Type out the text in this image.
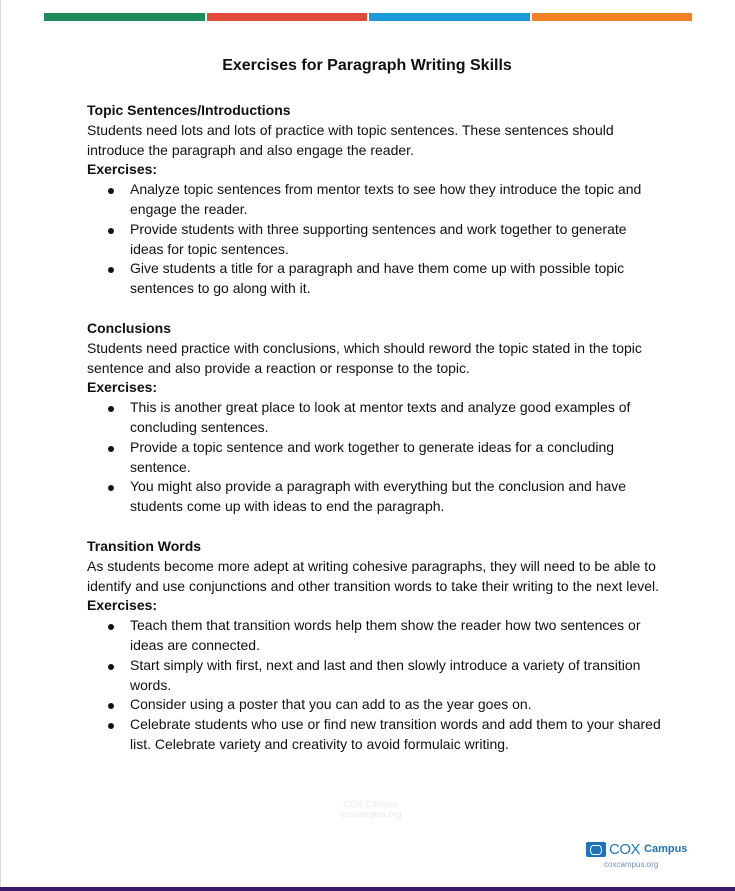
Exercises for Paragraph Writing Skills
Topic Sentences/Introductions
Students need lots and lots of practice with topic sentences. These sentences should introduce the paragraph and also engage the reader.
Exercises:
Analyze topic sentences from mentor texts to see how they introduce the topic and engage the reader.
Provide students with three supporting sentences and work together to generate ideas for topic sentences.
Give students a title for a paragraph and have them come up with possible topic sentences to go along with it.
Conclusions
Students need practice with conclusions, which should reword the topic stated in the topic sentence and also provide a reaction or response to the topic.
Exercises:
This is another great place to look at mentor texts and analyze good examples of concluding sentences.
Provide a topic sentence and work together to generate ideas for a concluding sentence.
You might also provide a paragraph with everything but the conclusion and have students come up with ideas to end the paragraph.
Transition Words
As students become more adept at writing cohesive paragraphs, they will need to be able to identify and use conjunctions and other transition words to take their writing to the next level.
Exercises:
Teach them that transition words help them show the reader how two sentences or ideas are connected.
Start simply with first, next and last and then slowly introduce a variety of transition words.
Consider using a poster that you can add to as the year goes on.
Celebrate students who use or find new transition words and add them to your shared list. Celebrate variety and creativity to avoid formulaic writing.
COX Campus
coxcampus.org
COX Campus
coxcampus.org
